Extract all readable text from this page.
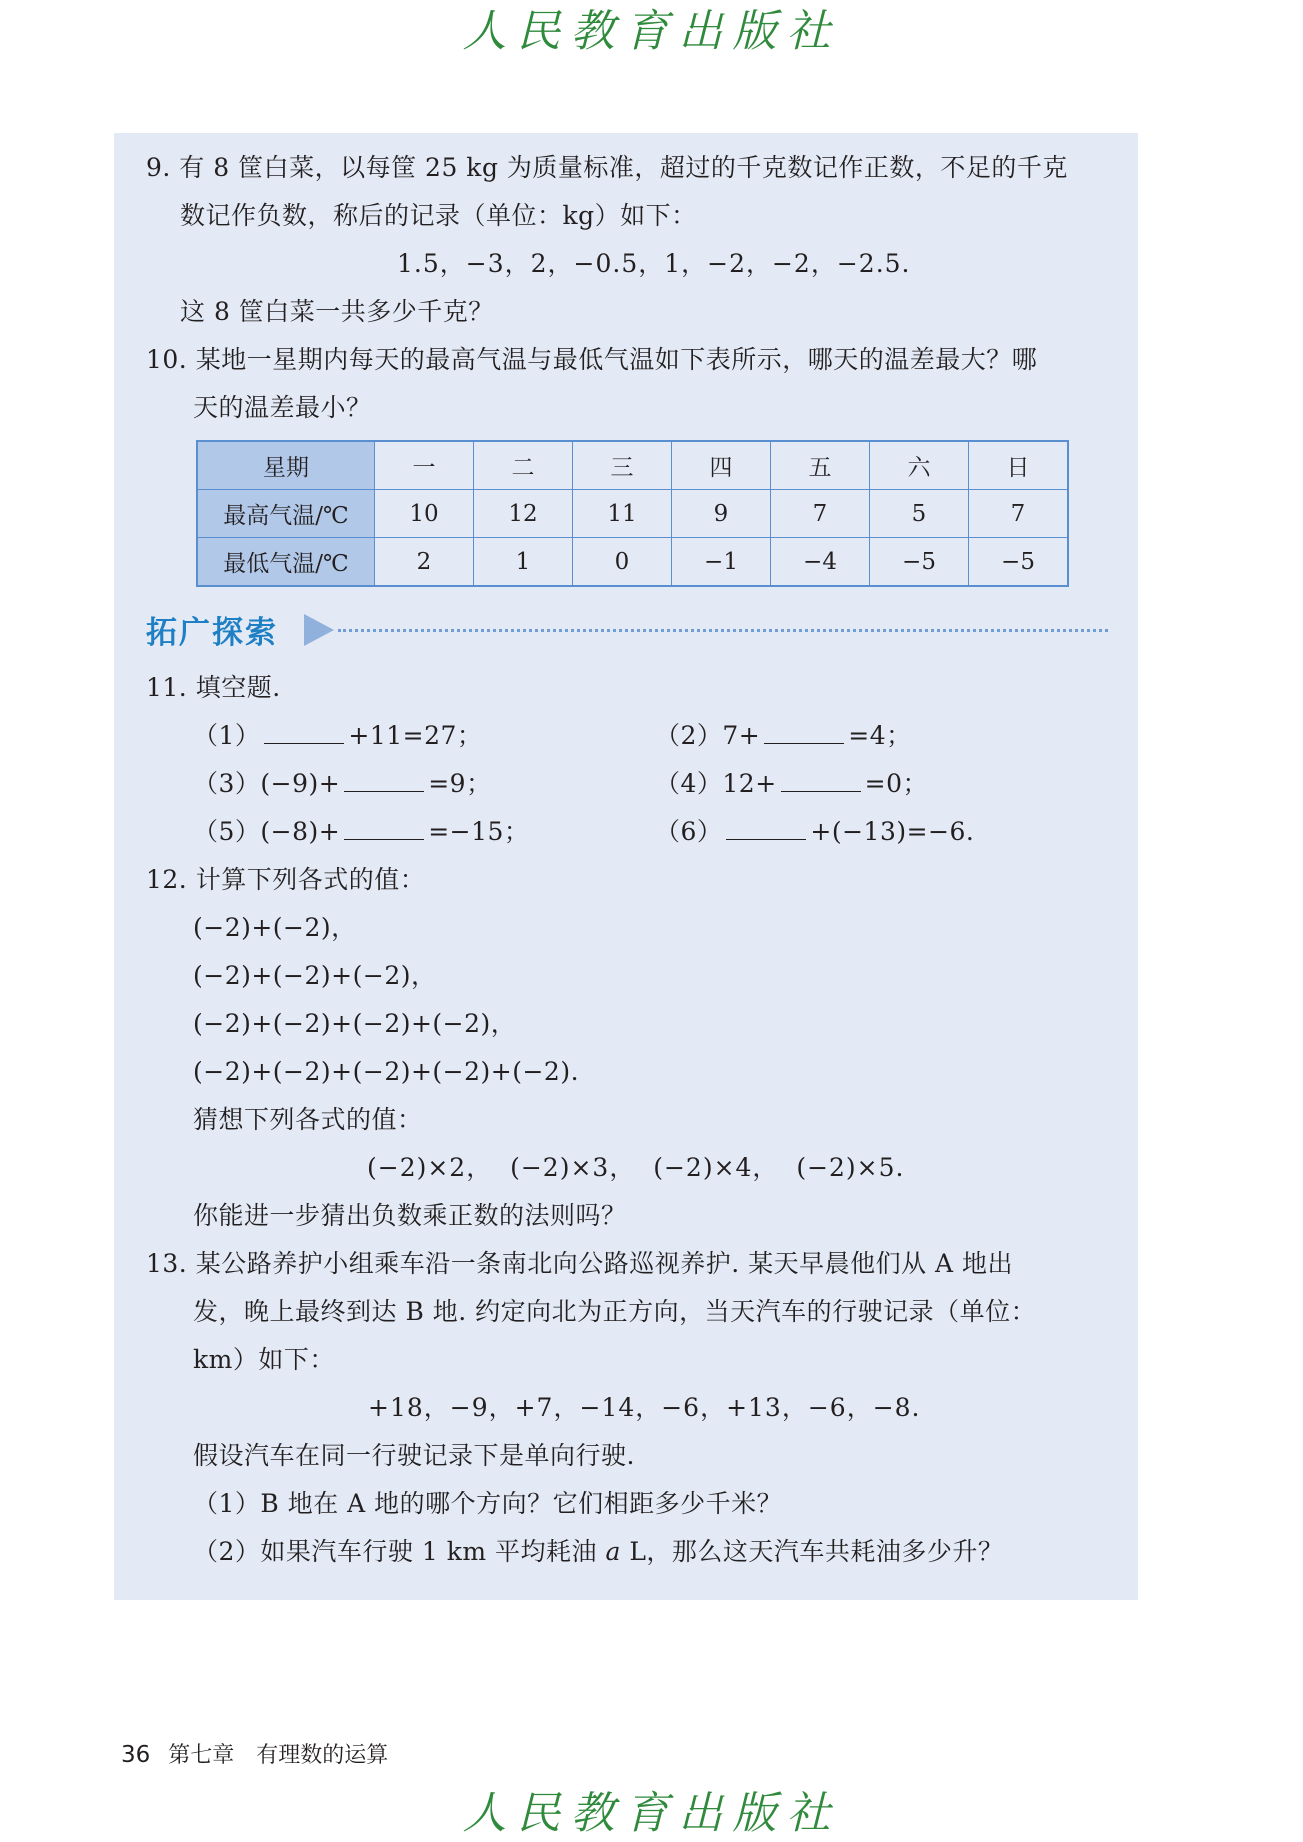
人民教育出版社
9. 有 8 筐白菜，以每筐 25 kg 为质量标准，超过的千克数记作正数，不足的千克
数记作负数，称后的记录（单位：kg）如下：
1.5，−3，2，−0.5，1，−2，−2，−2.5.
这 8 筐白菜一共多少千克？
10. 某地一星期内每天的最高气温与最低气温如下表所示，哪天的温差最大？哪
天的温差最小？
星期	一	二	三	四	五	六	日
最高气温/℃	10	12	11	9	7	5	7
最低气温/℃	2	1	0	−1	−4	−5	−5
拓广探索
11. 填空题.
（1）	+11=27；	（2）7+	=4；
（3）(−9)+	=9；	（4）12+	=0；
（5）(−8)+	=−15；	（6）	+(−13)=−6.
12. 计算下列各式的值：
(−2)+(−2)，
(−2)+(−2)+(−2)，
(−2)+(−2)+(−2)+(−2)，
(−2)+(−2)+(−2)+(−2)+(−2).
猜想下列各式的值：
(−2)×2，  (−2)×3，  (−2)×4，  (−2)×5.
你能进一步猜出负数乘正数的法则吗？
13. 某公路养护小组乘车沿一条南北向公路巡视养护. 某天早晨他们从 A 地出
发，晚上最终到达 B 地. 约定向北为正方向，当天汽车的行驶记录（单位：
km）如下：
+18，−9，+7，−14，−6，+13，−6，−8.
假设汽车在同一行驶记录下是单向行驶.
（1）B 地在 A 地的哪个方向？它们相距多少千米？
（2）如果汽车行驶 1 km 平均耗油 a L，那么这天汽车共耗油多少升？
36 第七章 有理数的运算
人民教育出版社
